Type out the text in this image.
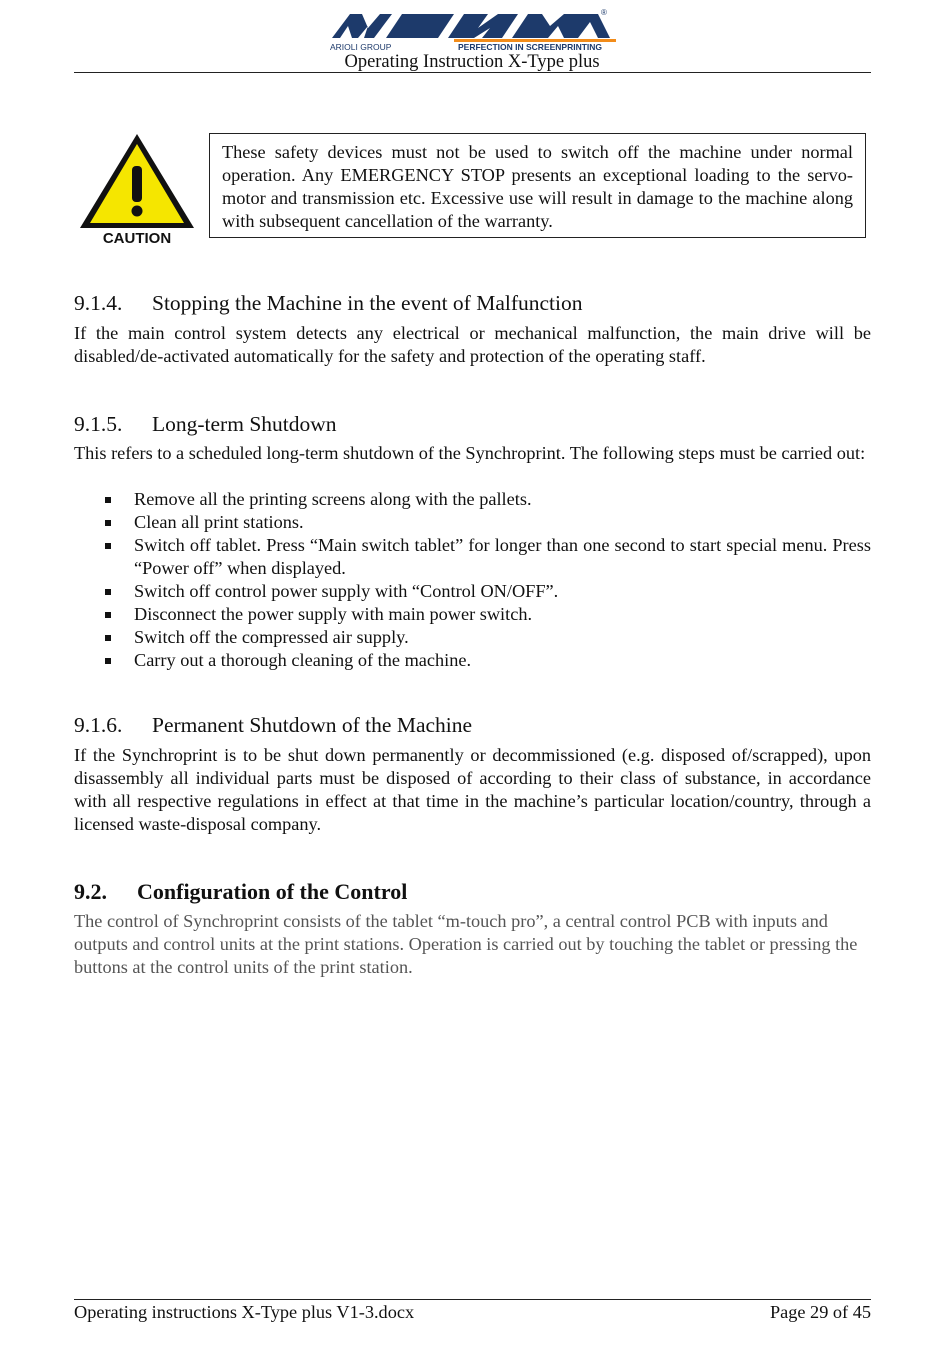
®
ARIOLI GROUP	PERFECTION IN SCREENPRINTING
Operating Instruction X-Type plus
CAUTION
These safety devices must not be used to switch off the machine under normal operation. Any EMERGENCY STOP presents an exceptional loading to the servo-motor and transmission etc. Excessive use will result in damage to the machine along with subsequent cancellation of the warranty.
9.1.4. Stopping the Machine in the event of Malfunction
If the main control system detects any electrical or mechanical malfunction, the main drive will be disabled/de-activated automatically for the safety and protection of the operating staff.
9.1.5. Long-term Shutdown
This refers to a scheduled long-term shutdown of the Synchroprint. The following steps must be carried out:
Remove all the printing screens along with the pallets.
Clean all print stations.
Switch off tablet. Press “Main switch tablet” for longer than one second to start special menu. Press “Power off” when displayed.
Switch off control power supply with “Control ON/OFF”.
Disconnect the power supply with main power switch.
Switch off the compressed air supply.
Carry out a thorough cleaning of the machine.
9.1.6. Permanent Shutdown of the Machine
If the Synchroprint is to be shut down permanently or decommissioned (e.g. disposed of/scrapped), upon disassembly all individual parts must be disposed of according to their class of substance, in accordance with all respective regulations in effect at that time in the machine’s particular location/country, through a licensed waste-disposal company.
9.2. Configuration of the Control
The control of Synchroprint consists of the tablet “m-touch pro”, a central control PCB with inputs and outputs and control units at the print stations. Operation is carried out by touching the tablet or pressing the buttons at the control units of the print station.
Operating instructions X-Type plus V1-3.docx	Page 29 of 45
